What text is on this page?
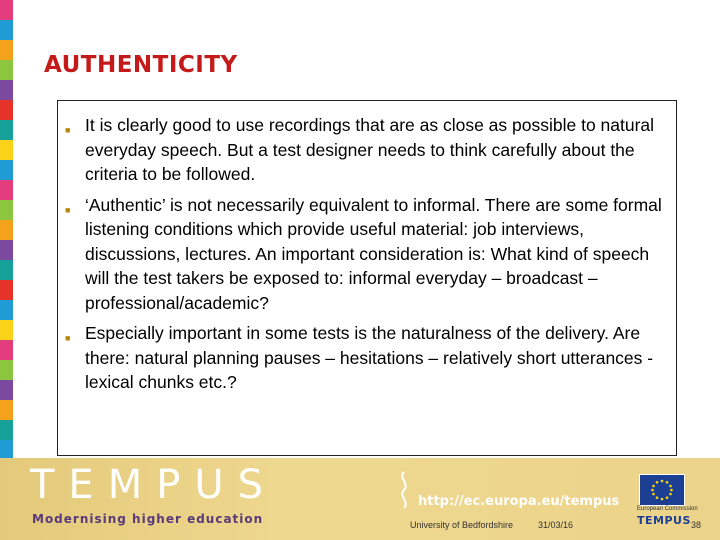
AUTHENTICITY
■ It is clearly good to use recordings that are as close as possible to natural everyday speech. But a test designer needs to think carefully about the criteria to be followed.
■ ‘Authentic’ is not necessarily equivalent to informal. There are some formal listening conditions which provide useful material: job interviews, discussions, lectures. An important consideration is: What kind of speech will the test takers be exposed to: informal everyday – broadcast – professional/academic?
■ Especially important in some tests is the naturalness of the delivery. Are there: natural planning pauses – hesitations – relatively short utterances - lexical chunks etc.?
TEMPUS
Modernising higher education
http://ec.europa.eu/tempus
University of Bedfordshire	31/03/16
European Commission
TEMPUS 38
